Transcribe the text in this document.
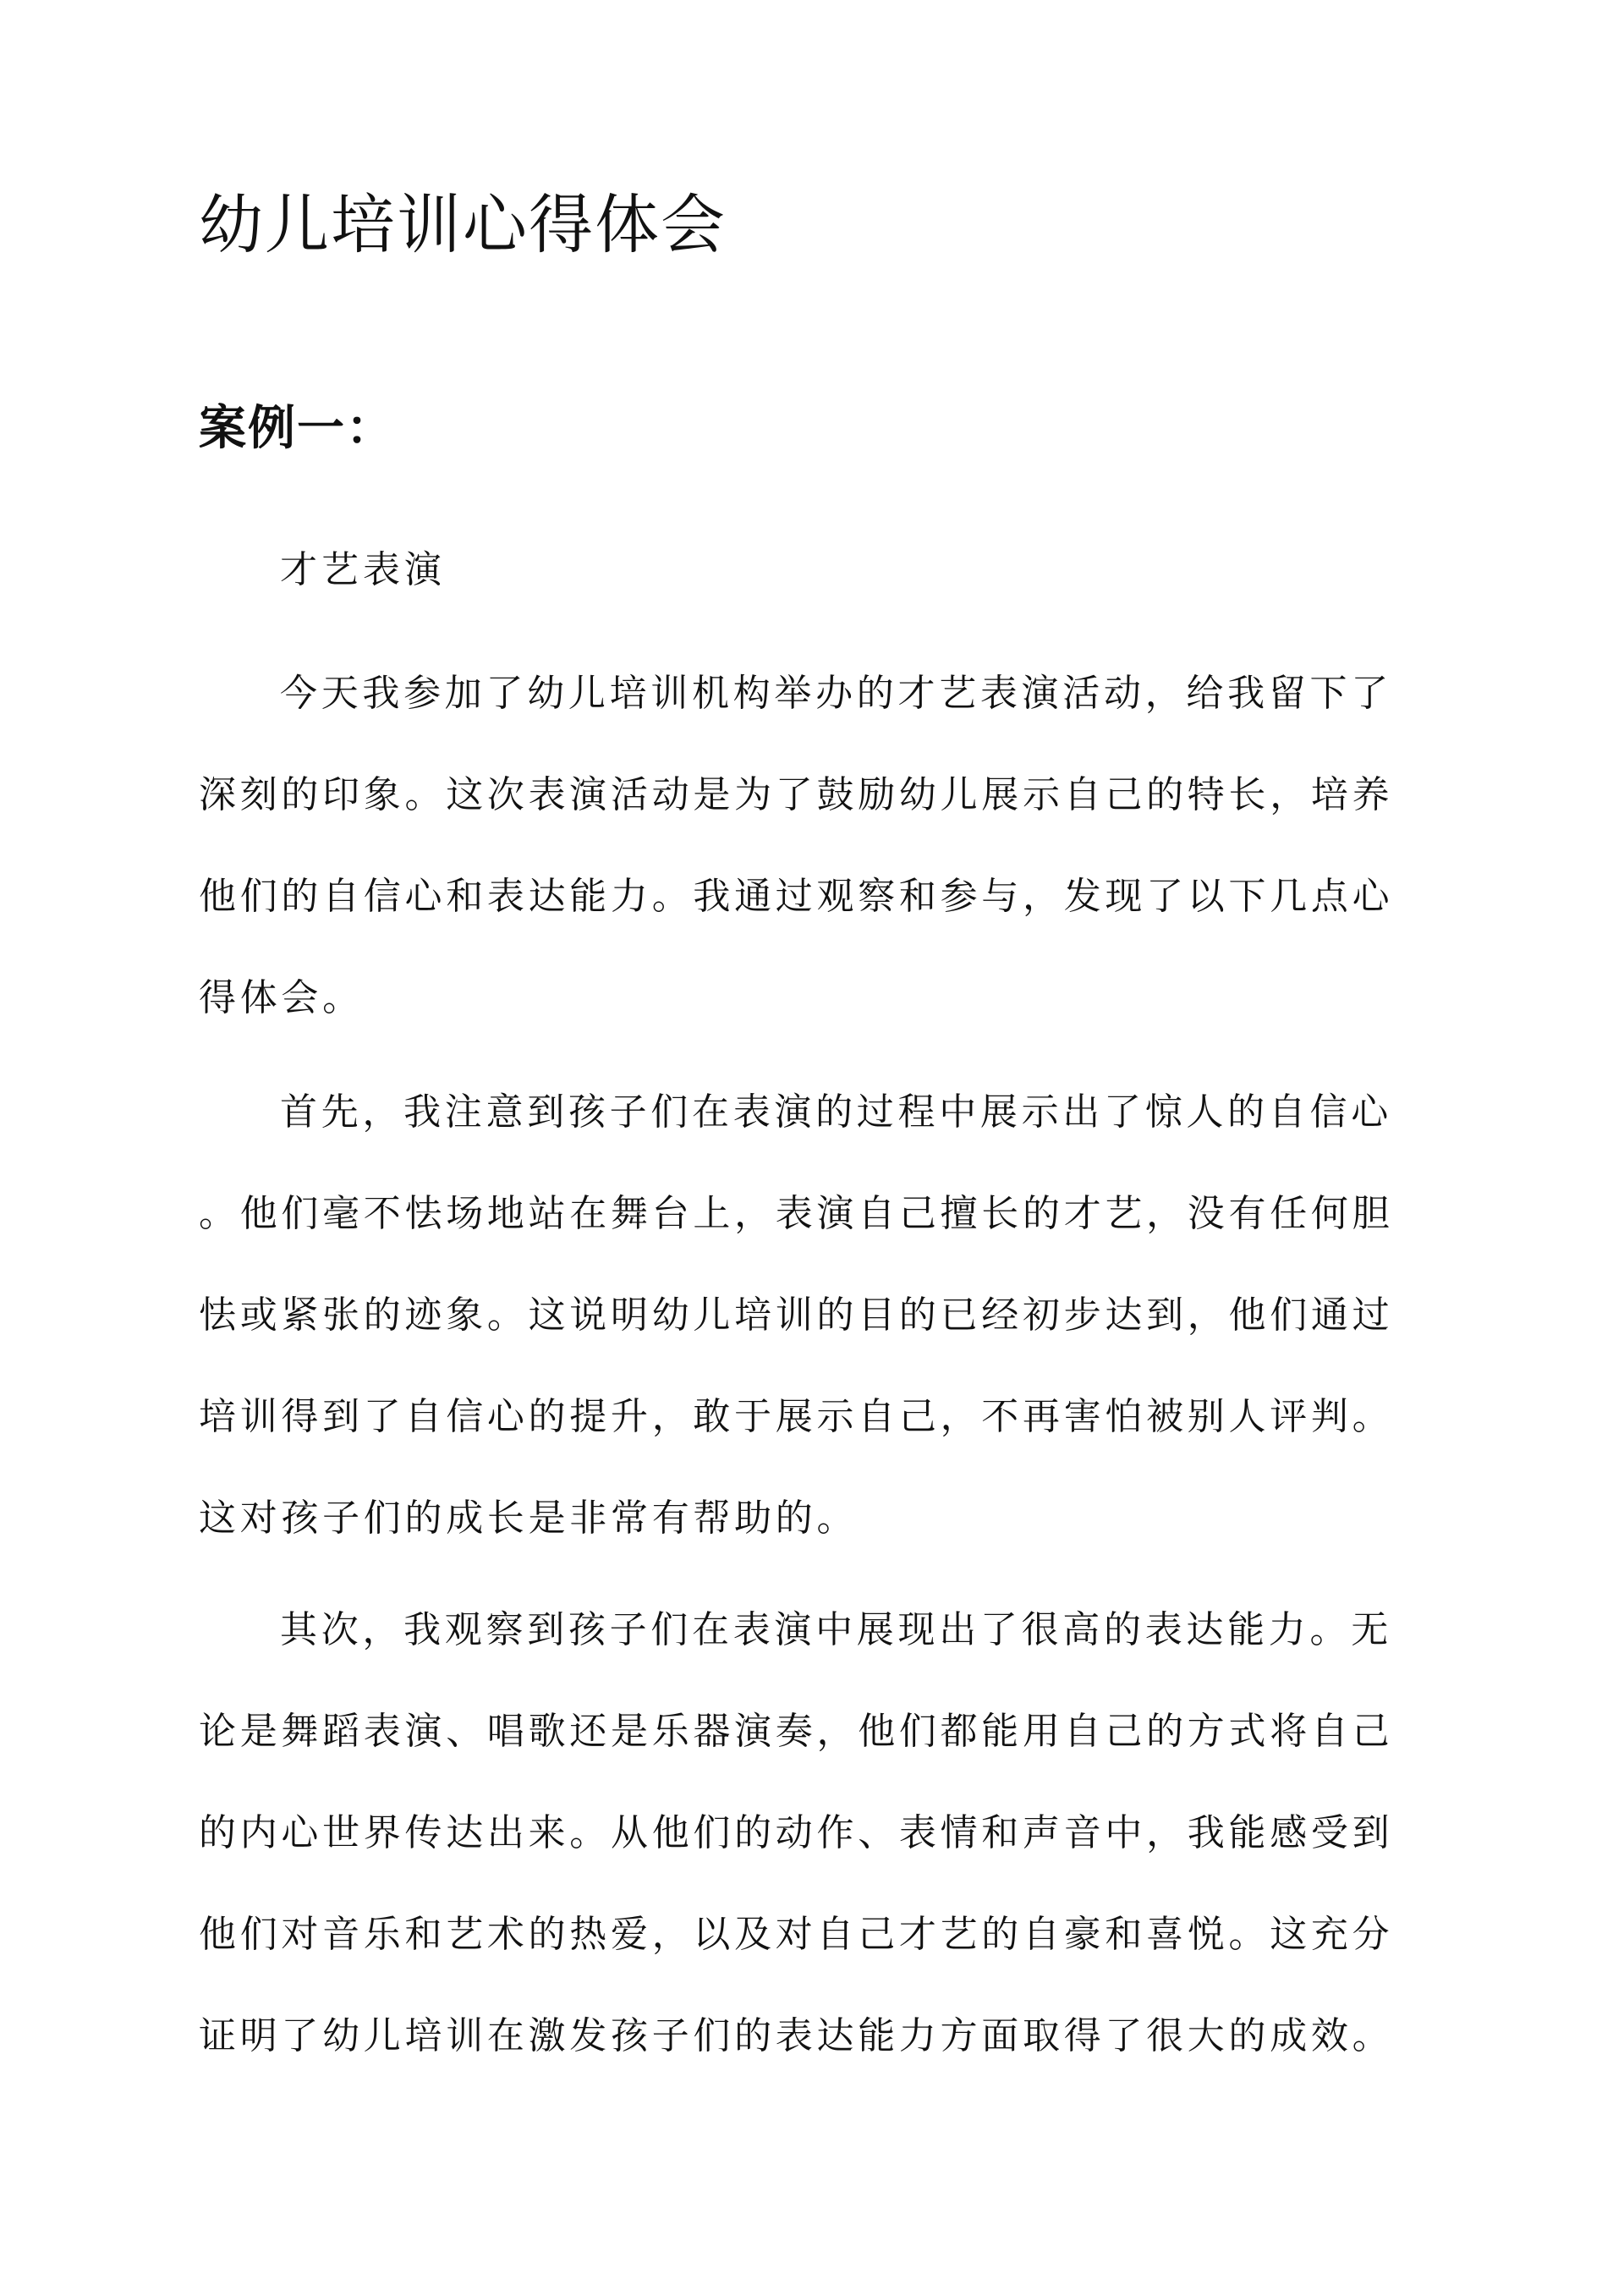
幼儿培训心得体会
案例一：

才艺表演

今天我参加了幼儿培训机构举办的才艺表演活动，给我留下了
深刻的印象。这次表演活动是为了鼓励幼儿展示自己的特长，培养
他们的自信心和表达能力。我通过观察和参与，发现了以下几点心
得体会。
首先，我注意到孩子们在表演的过程中展示出了惊人的自信心
。他们毫不怯场地站在舞台上，表演自己擅长的才艺，没有任何胆
怯或紧张的迹象。这说明幼儿培训的目的已经初步达到，他们通过
培训得到了自信心的提升，敢于展示自己，不再害怕被别人评判。
这对孩子们的成长是非常有帮助的。
其次，我观察到孩子们在表演中展现出了很高的表达能力。无
论是舞蹈表演、唱歌还是乐器演奏，他们都能用自己的方式将自己
的内心世界传达出来。从他们的动作、表情和声音中，我能感受到
他们对音乐和艺术的热爱，以及对自己才艺的自豪和喜悦。这充分
证明了幼儿培训在激发孩子们的表达能力方面取得了很大的成效。
